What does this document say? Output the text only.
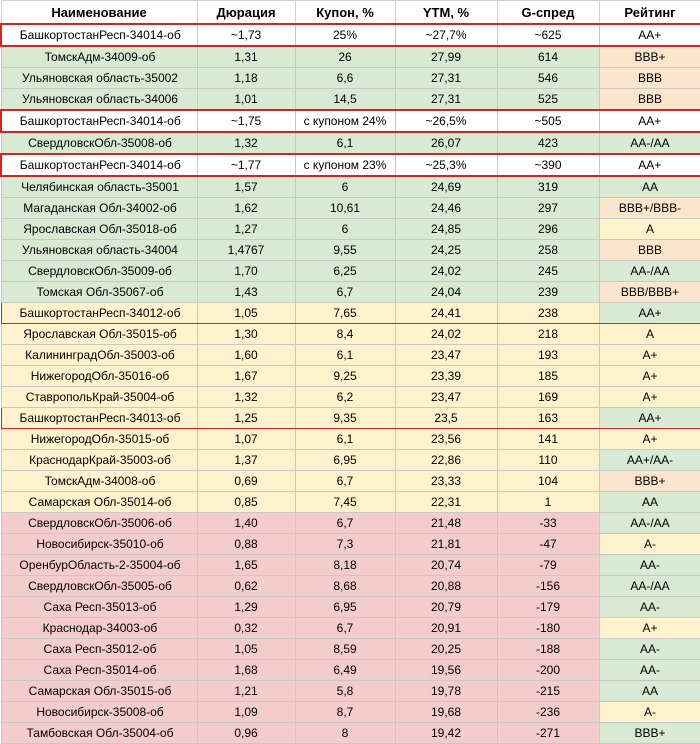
Наименование	Дюрация	Купон, %	YTM, %	G-спред	Рейтинг
БашкортостанРесп-34014-об	~1,73	25%	~27,7%	~625	AA+
ТомскАдм-34009-об	1,31	26	27,99	614	BBB+
Ульяновская область-35002	1,18	6,6	27,31	546	BBB
Ульяновская область-34006	1,01	14,5	27,31	525	BBB
БашкортостанРесп-34014-об	~1,75	с купоном 24%	~26,5%	~505	AA+
СвердловскОбл-35008-об	1,32	6,1	26,07	423	AA-/AA
БашкортостанРесп-34014-об	~1,77	с купоном 23%	~25,3%	~390	AA+
Челябинская область-35001	1,57	6	24,69	319	AA
Магаданская Обл-34002-об	1,62	10,61	24,46	297	BBB+/BBB-
Ярославская Обл-35018-об	1,27	6	24,85	296	A
Ульяновская область-34004	1,4767	9,55	24,25	258	BBB
СвердловскОбл-35009-об	1,70	6,25	24,02	245	AA-/AA
Томская Обл-35067-об	1,43	6,7	24,04	239	BBB/BBB+
БашкортостанРесп-34012-об	1,05	7,65	24,41	238	AA+
Ярославская Обл-35015-об	1,30	8,4	24,02	218	A
КалининградОбл-35003-об	1,60	6,1	23,47	193	A+
НижегородОбл-35016-об	1,67	9,25	23,39	185	A+
СтавропольКрай-35004-об	1,32	6,2	23,47	169	A+
БашкортостанРесп-34013-об	1,25	9,35	23,5	163	AA+
НижегородОбл-35015-об	1,07	6,1	23,56	141	A+
КраснодарКрай-35003-об	1,37	6,95	22,86	110	AA+/AA-
ТомскАдм-34008-об	0,69	6,7	23,33	104	BBB+
Самарская Обл-35014-об	0,85	7,45	22,31	1	AA
СвердловскОбл-35006-об	1,40	6,7	21,48	-33	AA-/AA
Новосибирск-35010-об	0,88	7,3	21,81	-47	A-
ОренбурОбласть-2-35004-об	1,65	8,18	20,74	-79	AA-
СвердловскОбл-35005-об	0,62	8,68	20,88	-156	AA-/AA
Саха Респ-35013-об	1,29	6,95	20,79	-179	AA-
Краснодар-34003-об	0,32	6,7	20,91	-180	A+
Саха Респ-35012-об	1,05	8,59	20,25	-188	AA-
Саха Респ-35014-об	1,68	6,49	19,56	-200	AA-
Самарская Обл-35015-об	1,21	5,8	19,78	-215	AA
Новосибирск-35008-об	1,09	8,7	19,68	-236	A-
Тамбовская Обл-35004-об	0,96	8	19,42	-271	BBB+
